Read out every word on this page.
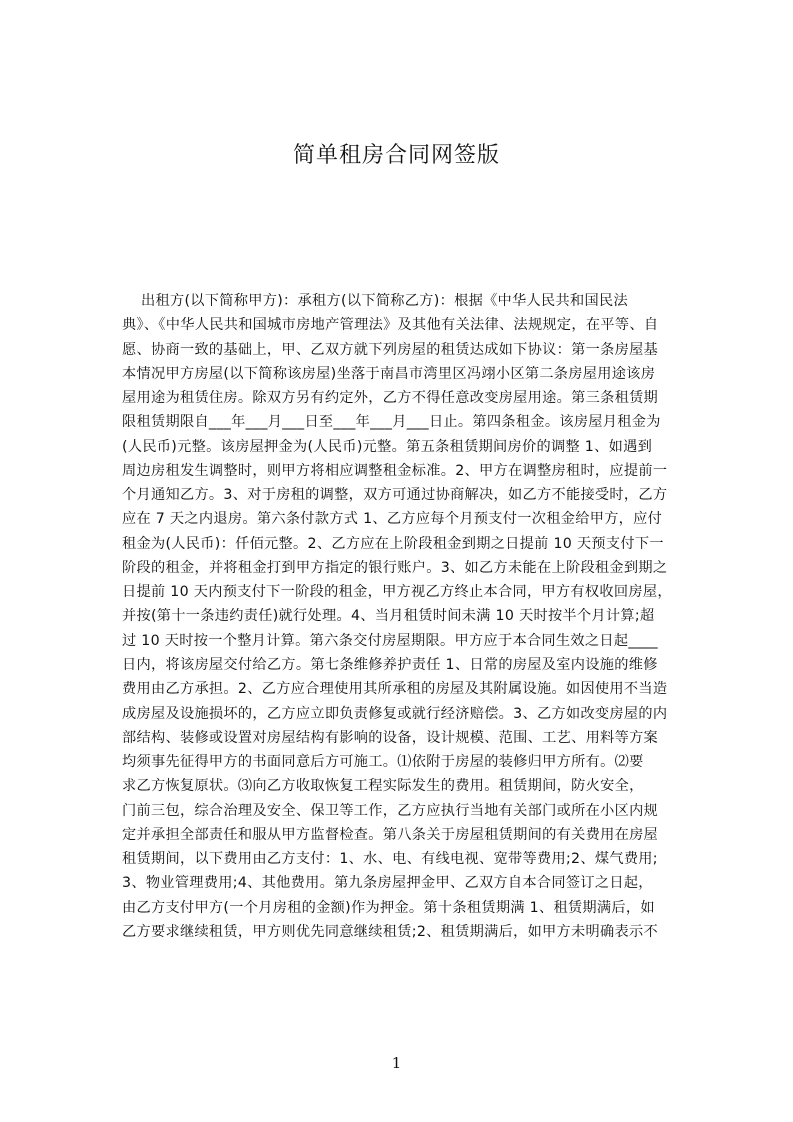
简单租房合同网签版
出租方(以下简称甲方)：承租方(以下简称乙方)：根据《中华人民共和国民法
典》、《中华人民共和国城市房地产管理法》及其他有关法律、法规规定，在平等、自
愿、协商一致的基础上，甲、乙双方就下列房屋的租赁达成如下协议：第一条房屋基
本情况甲方房屋(以下简称该房屋)坐落于南昌市湾里区冯翊小区第二条房屋用途该房
屋用途为租赁住房。除双方另有约定外，乙方不得任意改变房屋用途。第三条租赁期
限租赁期限自___年___月___日至___年___月___日止。第四条租金。该房屋月租金为
(人民币)元整。该房屋押金为(人民币)元整。第五条租赁期间房价的调整 1、如遇到
周边房租发生调整时，则甲方将相应调整租金标准。2、甲方在调整房租时，应提前一
个月通知乙方。3、对于房租的调整，双方可通过协商解决，如乙方不能接受时，乙方
应在 7 天之内退房。第六条付款方式 1、乙方应每个月预支付一次租金给甲方，应付
租金为(人民币)：仟佰元整。2、乙方应在上阶段租金到期之日提前 10 天预支付下一
阶段的租金，并将租金打到甲方指定的银行账户。3、如乙方未能在上阶段租金到期之
日提前 10 天内预支付下一阶段的租金，甲方视乙方终止本合同，甲方有权收回房屋，
并按(第十一条违约责任)就行处理。4、当月租赁时间未满 10 天时按半个月计算;超
过 10 天时按一个整月计算。第六条交付房屋期限。甲方应于本合同生效之日起____
日内，将该房屋交付给乙方。第七条维修养护责任 1、日常的房屋及室内设施的维修
费用由乙方承担。2、乙方应合理使用其所承租的房屋及其附属设施。如因使用不当造
成房屋及设施损坏的，乙方应立即负责修复或就行经济赔偿。3、乙方如改变房屋的内
部结构、装修或设置对房屋结构有影响的设备，设计规模、范围、工艺、用料等方案
均须事先征得甲方的书面同意后方可施工。⑴依附于房屋的装修归甲方所有。⑵要
求乙方恢复原状。⑶向乙方收取恢复工程实际发生的费用。租赁期间，防火安全，
门前三包，综合治理及安全、保卫等工作，乙方应执行当地有关部门或所在小区内规
定并承担全部责任和服从甲方监督检查。第八条关于房屋租赁期间的有关费用在房屋
租赁期间，以下费用由乙方支付：1、水、电、有线电视、宽带等费用;2、煤气费用;
3、物业管理费用;4、其他费用。第九条房屋押金甲、乙双方自本合同签订之日起，
由乙方支付甲方(一个月房租的金额)作为押金。第十条租赁期满 1、租赁期满后，如
乙方要求继续租赁，甲方则优先同意继续租赁;2、租赁期满后，如甲方未明确表示不
1
